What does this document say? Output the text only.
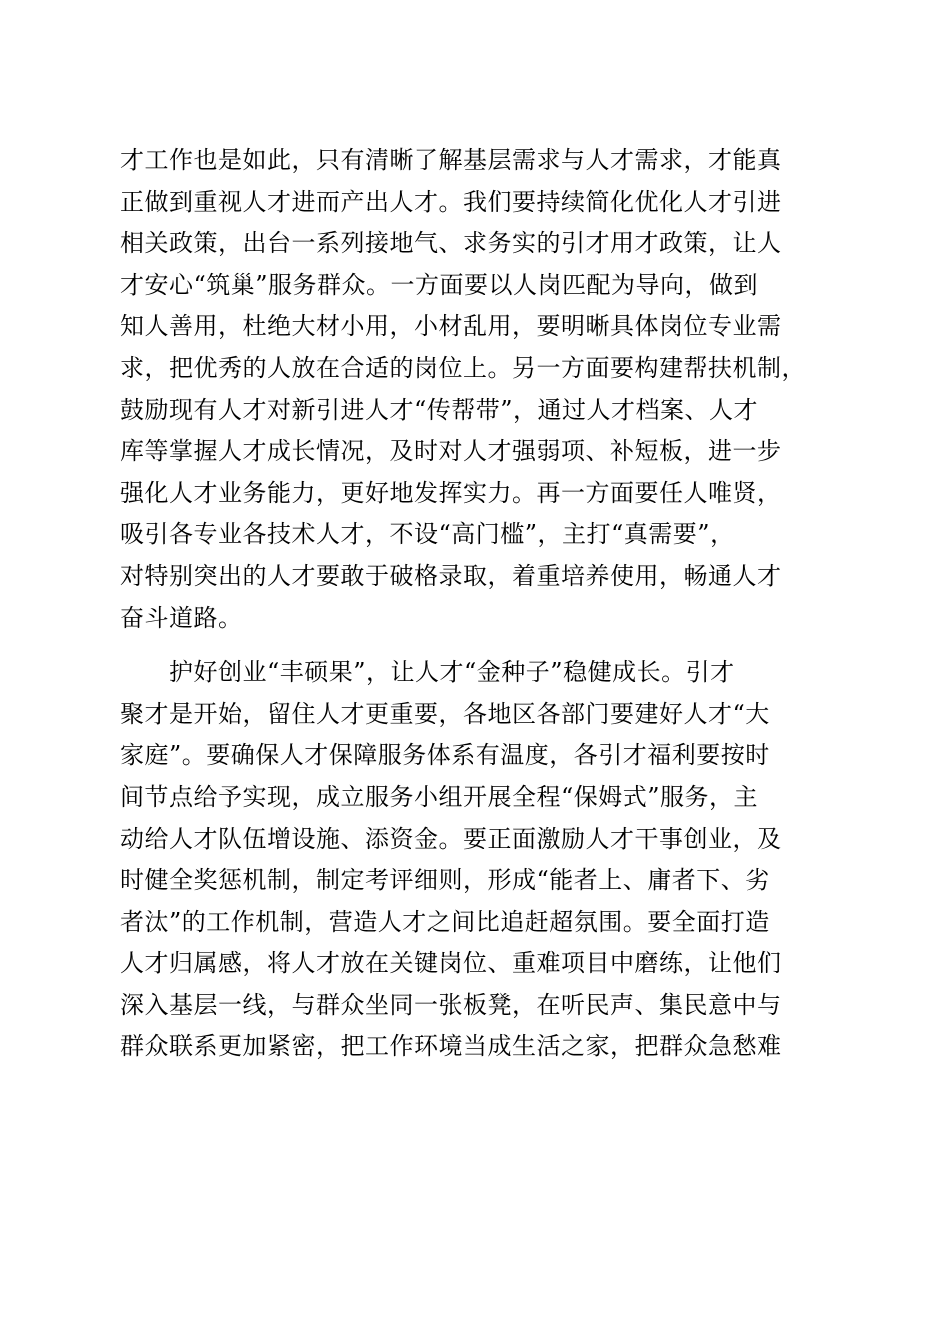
才工作也是如此，只有清晰了解基层需求与人才需求，才能真
正做到重视人才进而产出人才。我们要持续简化优化人才引进
相关政策，出台一系列接地气、求务实的引才用才政策，让人
才安心“筑巢”服务群众。一方面要以人岗匹配为导向，做到
知人善用，杜绝大材小用，小材乱用，要明晰具体岗位专业需
求，把优秀的人放在合适的岗位上。另一方面要构建帮扶机制，
鼓励现有人才对新引进人才“传帮带”，通过人才档案、人才
库等掌握人才成长情况，及时对人才强弱项、补短板，进一步
强化人才业务能力，更好地发挥实力。再一方面要任人唯贤，
吸引各专业各技术人才，不设“高门槛”，主打“真需要”，
对特别突出的人才要敢于破格录取，着重培养使用，畅通人才
奋斗道路。
　　护好创业“丰硕果”，让人才“金种子”稳健成长。引才
聚才是开始，留住人才更重要，各地区各部门要建好人才“大
家庭”。要确保人才保障服务体系有温度，各引才福利要按时
间节点给予实现，成立服务小组开展全程“保姆式”服务，主
动给人才队伍增设施、添资金。要正面激励人才干事创业，及
时健全奖惩机制，制定考评细则，形成“能者上、庸者下、劣
者汰”的工作机制，营造人才之间比追赶超氛围。要全面打造
人才归属感，将人才放在关键岗位、重难项目中磨练，让他们
深入基层一线，与群众坐同一张板凳，在听民声、集民意中与
群众联系更加紧密，把工作环境当成生活之家，把群众急愁难
